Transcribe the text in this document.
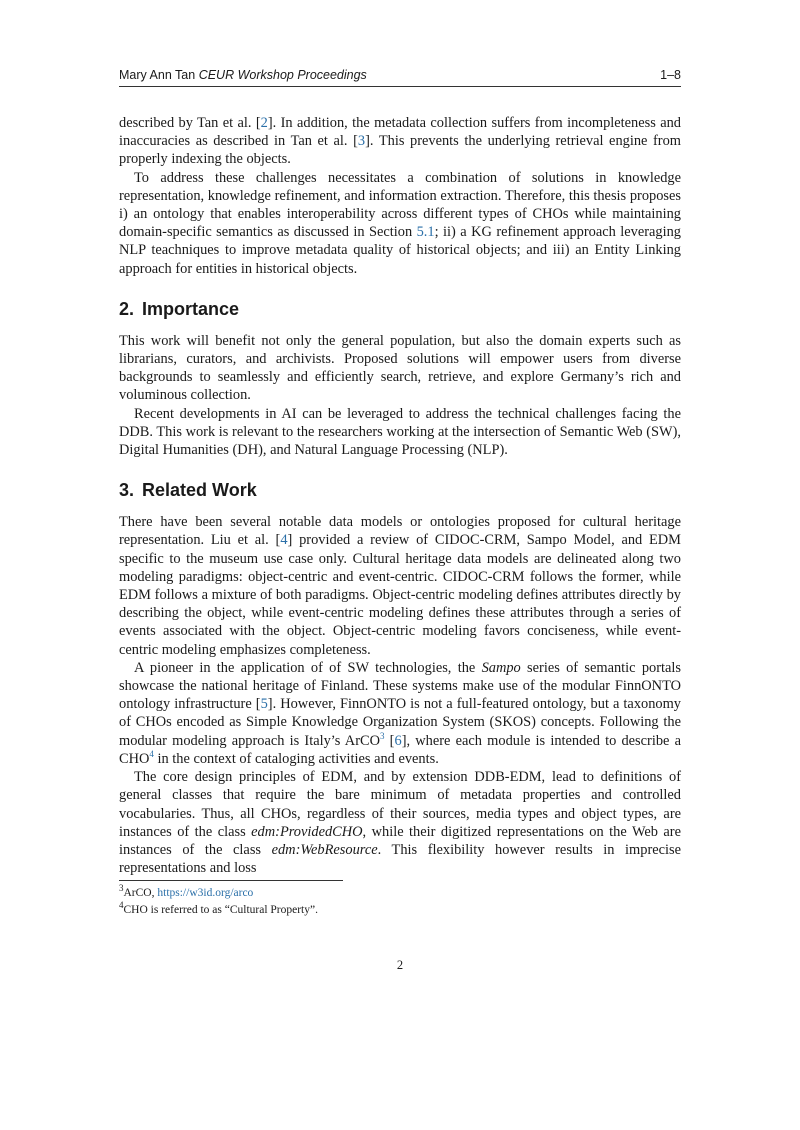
Mary Ann Tan CEUR Workshop Proceedings	1–8

described by Tan et al. [2]. In addition, the metadata collection suffers from incompleteness and inaccuracies as described in Tan et al. [3]. This prevents the underlying retrieval engine from properly indexing the objects.

To address these challenges necessitates a combination of solutions in knowledge representation, knowledge refinement, and information extraction. Therefore, this thesis proposes i) an ontology that enables interoperability across different types of CHOs while maintaining domain-specific semantics as discussed in Section 5.1; ii) a KG refinement approach leveraging NLP teachniques to improve metadata quality of historical objects; and iii) an Entity Linking approach for entities in historical objects.

2. Importance

This work will benefit not only the general population, but also the domain experts such as librarians, curators, and archivists. Proposed solutions will empower users from diverse backgrounds to seamlessly and efficiently search, retrieve, and explore Germany’s rich and voluminous collection.

Recent developments in AI can be leveraged to address the technical challenges facing the DDB. This work is relevant to the researchers working at the intersection of Semantic Web (SW), Digital Humanities (DH), and Natural Language Processing (NLP).

3. Related Work

There have been several notable data models or ontologies proposed for cultural heritage representation. Liu et al. [4] provided a review of CIDOC-CRM, Sampo Model, and EDM specific to the museum use case only. Cultural heritage data models are delineated along two modeling paradigms: object-centric and event-centric. CIDOC-CRM follows the former, while EDM follows a mixture of both paradigms. Object-centric modeling defines attributes directly by describing the object, while event-centric modeling defines these attributes through a series of events associated with the object. Object-centric modeling favors conciseness, while event-centric modeling emphasizes completeness.

A pioneer in the application of of SW technologies, the Sampo series of semantic portals showcase the national heritage of Finland. These systems make use of the modular FinnONTO ontology infrastructure [5]. However, FinnONTO is not a full-featured ontology, but a taxonomy of CHOs encoded as Simple Knowledge Organization System (SKOS) concepts. Following the modular modeling approach is Italy’s ArCO$^3$ [6], where each module is intended to describe a CHO$^4$ in the context of cataloging activities and events.

The core design principles of EDM, and by extension DDB-EDM, lead to definitions of general classes that require the bare minimum of metadata properties and controlled vocabularies. Thus, all CHOs, regardless of their sources, media types and object types, are instances of the class edm:ProvidedCHO, while their digitized representations on the Web are instances of the class edm:WebResource. This flexibility however results in imprecise representations and loss

$^3$ArCO, https://w3id.org/arco
$^4$CHO is referred to as “Cultural Property”.
2
